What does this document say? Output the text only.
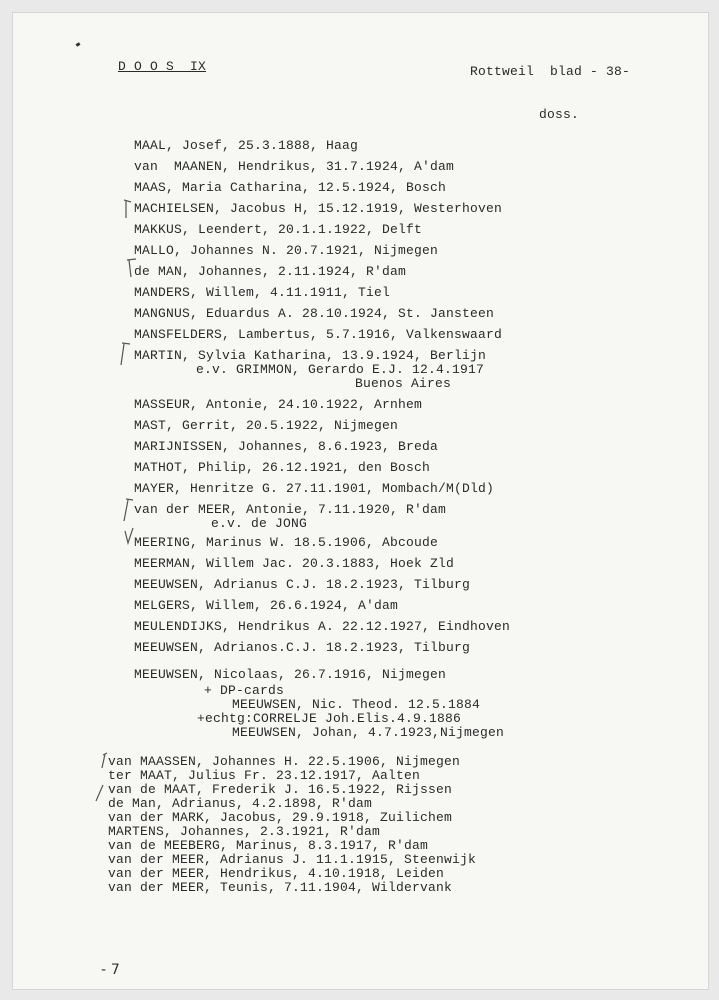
D O O S  IX	Rottweil  blad - 38-
doss.
MAAL, Josef, 25.3.1888, Haag
van  MAANEN, Hendrikus, 31.7.1924, A'dam
MAAS, Maria Catharina, 12.5.1924, Bosch
MACHIELSEN, Jacobus H, 15.12.1919, Westerhoven
MAKKUS, Leendert, 20.1.1.1922, Delft
MALLO, Johannes N. 20.7.1921, Nijmegen
de MAN, Johannes, 2.11.1924, R'dam
MANDERS, Willem, 4.11.1911, Tiel
MANGNUS, Eduardus A. 28.10.1924, St. Jansteen
MANSFELDERS, Lambertus, 5.7.1916, Valkenswaard
MARTIN, Sylvia Katharina, 13.9.1924, Berlijn
e.v. GRIMMON, Gerardo E.J. 12.4.1917
Buenos Aires
MASSEUR, Antonie, 24.10.1922, Arnhem
MAST, Gerrit, 20.5.1922, Nijmegen
MARIJNISSEN, Johannes, 8.6.1923, Breda
MATHOT, Philip, 26.12.1921, den Bosch
MAYER, Henritze G. 27.11.1901, Mombach/M(Dld)
van der MEER, Antonie, 7.11.1920, R'dam
e.v. de JONG
MEERING, Marinus W. 18.5.1906, Abcoude
MEERMAN, Willem Jac. 20.3.1883, Hoek Zld
MEEUWSEN, Adrianus C.J. 18.2.1923, Tilburg
MELGERS, Willem, 26.6.1924, A'dam
MEULENDIJKS, Hendrikus A. 22.12.1927, Eindhoven
MEEUWSEN, Adrianos.C.J. 18.2.1923, Tilburg
MEEUWSEN, Nicolaas, 26.7.1916, Nijmegen
+ DP-cards
MEEUWSEN, Nic. Theod. 12.5.1884
+echtg:CORRELJE Joh.Elis.4.9.1886
MEEUWSEN, Johan, 4.7.1923,Nijmegen
van MAASSEN, Johannes H. 22.5.1906, Nijmegen
ter MAAT, Julius Fr. 23.12.1917, Aalten
van de MAAT, Frederik J. 16.5.1922, Rijssen
de Man, Adrianus, 4.2.1898, R'dam
van der MARK, Jacobus, 29.9.1918, Zuilichem
MARTENS, Johannes, 2.3.1921, R'dam
van de MEEBERG, Marinus, 8.3.1917, R'dam
van der MEER, Adrianus J. 11.1.1915, Steenwijk
van der MEER, Hendrikus, 4.10.1918, Leiden
van der MEER, Teunis, 7.11.1904, Wildervank
- 7
